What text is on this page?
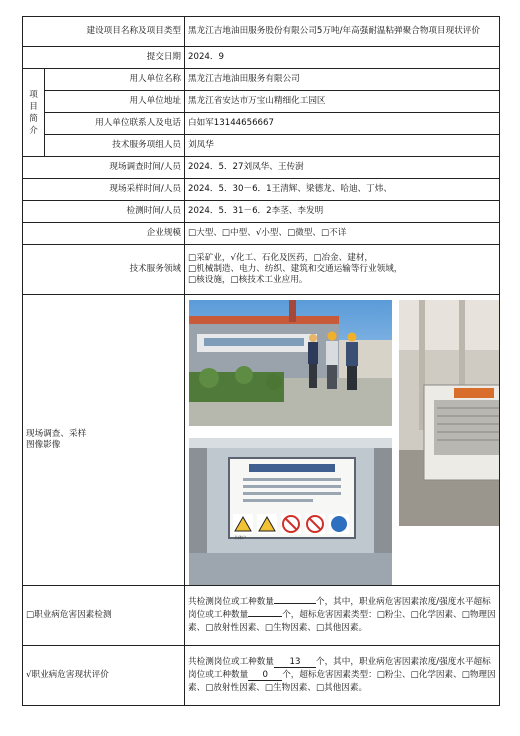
建设项目名称及项目类型		黑龙江吉地油田服务股份有限公司5万吨/年高强耐温粘弹聚合物项目现状评价
提交日期		2024．9

项目简介	用人单位名称	黑龙江吉地油田服务有限公司
	用人单位地址	黑龙江省安达市万宝山精细化工园区
	用人单位联系人及电话	白如军13144656667
	技术服务项组人员	刘凤华
现场调查时间/人员		2024．5．27刘凤华、王传澍
现场采样时间/人员		2024．5．30－6．1王清辉、梁德龙、哈迪、丁炜、
检测时间/人员		2024．5．31－6．2李茎、李发明
企业规模		□大型、□中型、√小型、□微型、□不详
技术服务领域		□采矿业，√化工、石化及医药，□冶金、建材，
□机械制造、电力、纺织、建筑和交通运输等行业领域，
□核设施，□核技术工业应用。

现场调查、采样图像影像		个体户

□职业病危害因素检测		共检测岗位或工种数量 个，其中，职业病危害因素浓度/强度水平超标岗位或工种数量 个，超标危害因素类型：□粉尘、□化学因素、□物理因素、□放射性因素、□生物因素、□其他因素。

√职业病危害现状评价		共检测岗位或工种数量 13 个，其中，职业病危害因素浓度/强度水平超标岗位或工种数量 0 个，超标危害因素类型：□粉尘、□化学因素、□物理因素、□放射性因素、□生物因素、□其他因素。
